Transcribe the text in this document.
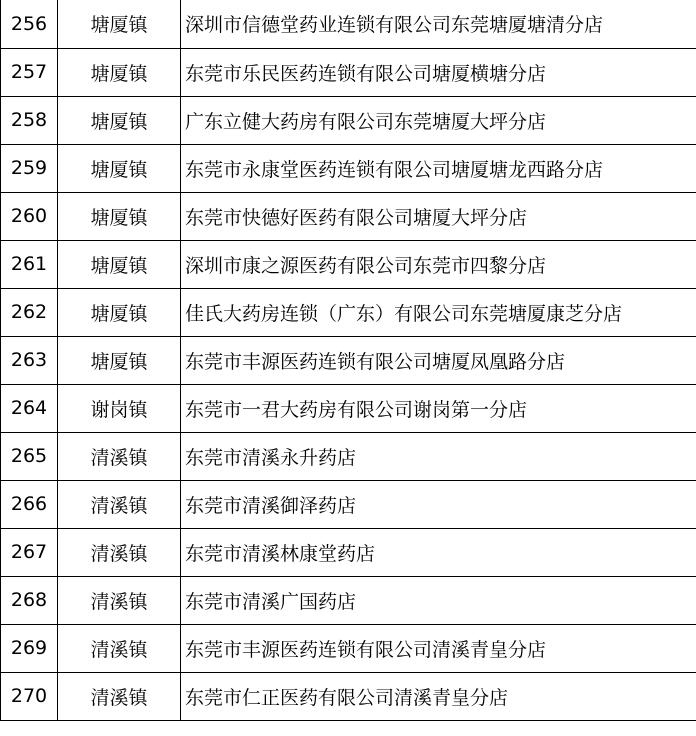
256	塘厦镇	深圳市信德堂药业连锁有限公司东莞塘厦塘清分店
257	塘厦镇	东莞市乐民医药连锁有限公司塘厦横塘分店
258	塘厦镇	广东立健大药房有限公司东莞塘厦大坪分店
259	塘厦镇	东莞市永康堂医药连锁有限公司塘厦塘龙西路分店
260	塘厦镇	东莞市快德好医药有限公司塘厦大坪分店
261	塘厦镇	深圳市康之源医药有限公司东莞市四黎分店
262	塘厦镇	佳氏大药房连锁（广东）有限公司东莞塘厦康芝分店
263	塘厦镇	东莞市丰源医药连锁有限公司塘厦凤凰路分店
264	谢岗镇	东莞市一君大药房有限公司谢岗第一分店
265	清溪镇	东莞市清溪永升药店
266	清溪镇	东莞市清溪御泽药店
267	清溪镇	东莞市清溪林康堂药店
268	清溪镇	东莞市清溪广国药店
269	清溪镇	东莞市丰源医药连锁有限公司清溪青皇分店
270	清溪镇	东莞市仁正医药有限公司清溪青皇分店
